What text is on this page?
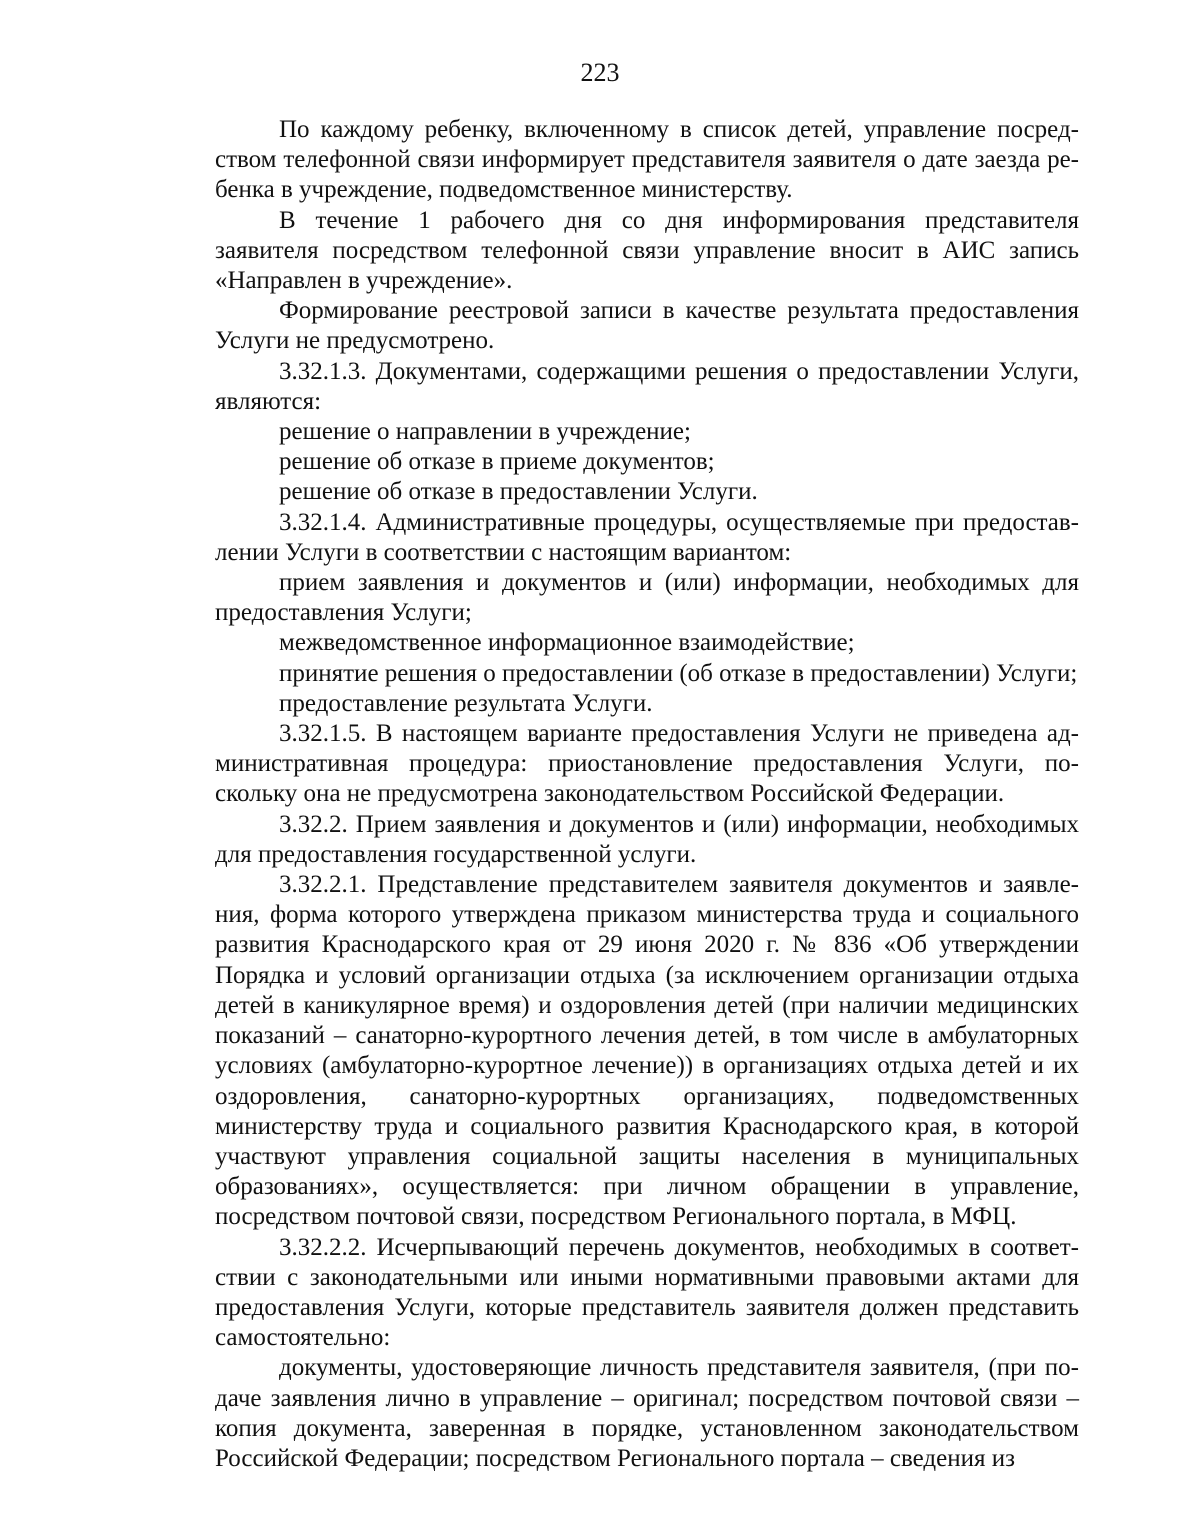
223

По каждому ребенку, включенному в список детей, управление посредством телефонной связи информирует представителя заявителя о дате заезда ребенка в учреждение, подведомственное министерству.

В течение 1 рабочего дня со дня информирования представителя заявителя посредством телефонной связи управление вносит в АИС запись «Направлен в учреждение».

Формирование реестровой записи в качестве результата предоставления Услуги не предусмотрено.

3.32.1.3. Документами, содержащими решения о предоставлении Услуги, являются:

решение о направлении в учреждение;

решение об отказе в приеме документов;

решение об отказе в предоставлении Услуги.

3.32.1.4. Административные процедуры, осуществляемые при предоставлении Услуги в соответствии с настоящим вариантом:

прием заявления и документов и (или) информации, необходимых для предоставления Услуги;

межведомственное информационное взаимодействие;

принятие решения о предоставлении (об отказе в предоставлении) Услуги;

предоставление результата Услуги.

3.32.1.5. В настоящем варианте предоставления Услуги не приведена административная процедура: приостановление предоставления Услуги, поскольку она не предусмотрена законодательством Российской Федерации.

3.32.2. Прием заявления и документов и (или) информации, необходимых для предоставления государственной услуги.

3.32.2.1. Представление представителем заявителя документов и заявления, форма которого утверждена приказом министерства труда и социального развития Краснодарского края от 29 июня 2020 г. № 836 «Об утверждении Порядка и условий организации отдыха (за исключением организации отдыха детей в каникулярное время) и оздоровления детей (при наличии медицинских показаний – санаторно-курортного лечения детей, в том числе в амбулаторных условиях (амбулаторно-курортное лечение)) в организациях отдыха детей и их оздоровления, санаторно-курортных организациях, подведомственных министерству труда и социального развития Краснодарского края, в которой участвуют управления социальной защиты населения в муниципальных образованиях», осуществляется: при личном обращении в управление, посредством почтовой связи, посредством Регионального портала, в МФЦ.

3.32.2.2. Исчерпывающий перечень документов, необходимых в соответствии с законодательными или иными нормативными правовыми актами для предоставления Услуги, которые представитель заявителя должен представить самостоятельно:

документы, удостоверяющие личность представителя заявителя, (при подаче заявления лично в управление – оригинал; посредством почтовой связи – копия документа, заверенная в порядке, установленном законодательством Российской Федерации; посредством Регионального портала – сведения из
